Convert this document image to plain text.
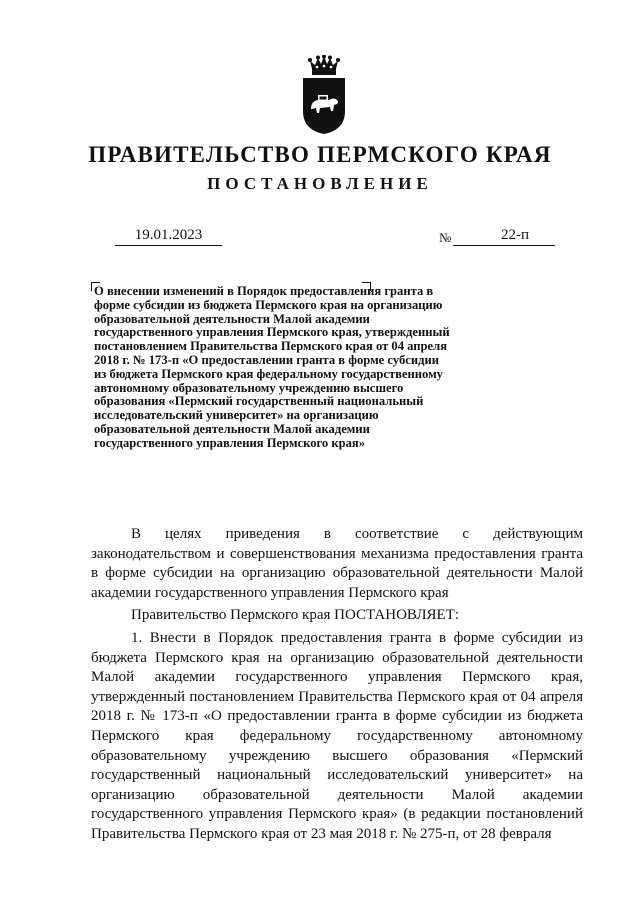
ПРАВИТЕЛЬСТВО ПЕРМСКОГО КРАЯ
ПОСТАНОВЛЕНИЕ
19.01.2023	№	22-п
О внесении изменений в Порядок предоставления гранта в форме субсидии из бюджета Пермского края на организацию образовательной деятельности Малой академии государственного управления Пермского края, утвержденный постановлением Правительства Пермского края от 04 апреля 2018 г. № 173-п «О предоставлении гранта в форме субсидии из бюджета Пермского края федеральному государственному автономному образовательному учреждению высшего образования «Пермский государственный национальный исследовательский университет» на организацию образовательной деятельности Малой академии государственного управления Пермского края»

В целях приведения в соответствие с действующим законодательством и совершенствования механизма предоставления гранта в форме субсидии на организацию образовательной деятельности Малой академии государственного управления Пермского края

Правительство Пермского края ПОСТАНОВЛЯЕТ:

1. Внести в Порядок предоставления гранта в форме субсидии из бюджета Пермского края на организацию образовательной деятельности Малой академии государственного управления Пермского края, утвержденный постановлением Правительства Пермского края от 04 апреля 2018 г. № 173-п «О предоставлении гранта в форме субсидии из бюджета Пермского края федеральному государственному автономному образовательному учреждению высшего образования «Пермский государственный национальный исследовательский университет» на организацию образовательной деятельности Малой академии государственного управления Пермского края» (в редакции постановлений Правительства Пермского края от 23 мая 2018 г. № 275-п, от 28 февраля
